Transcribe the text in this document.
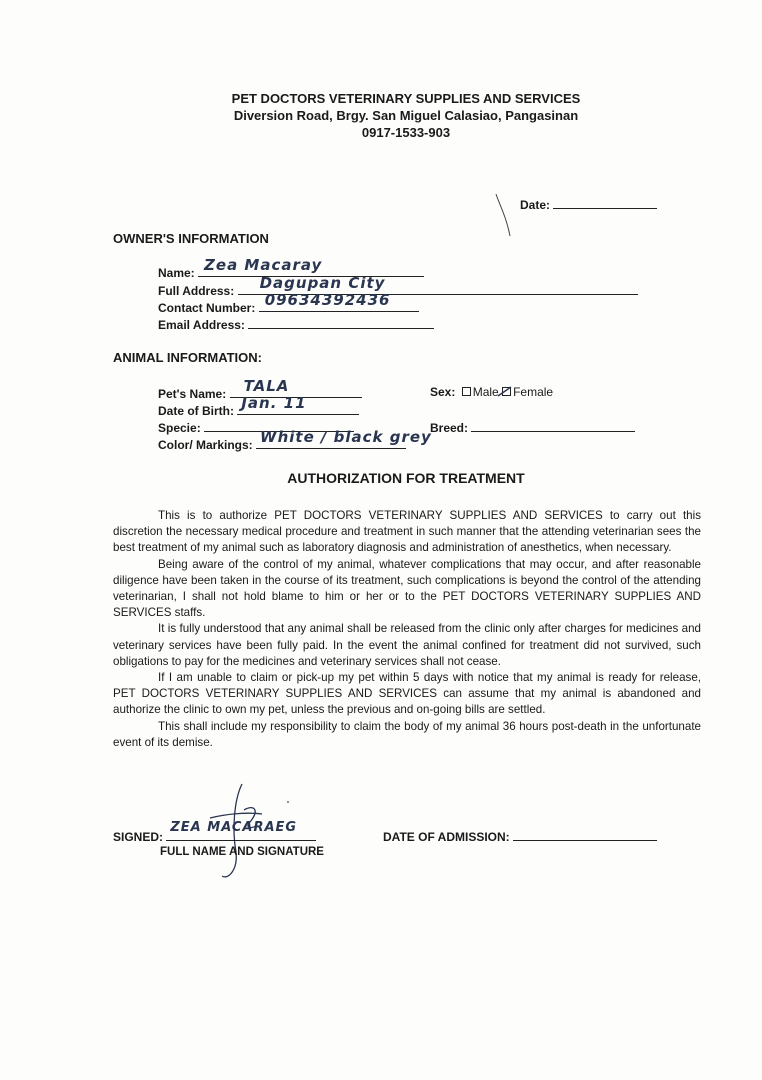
PET DOCTORS VETERINARY SUPPLIES AND SERVICES
Diversion Road, Brgy. San Miguel Calasiao, Pangasinan
0917-1533-903
Date:
OWNER'S INFORMATION
Name: Zea Macaray
Full Address: Dagupan City
Contact Number: 09634392436
Email Address:
ANIMAL INFORMATION:
Pet's Name: TALA
Date of Birth: Jan. 11
Specie:
Color/ Markings: White / black grey
Sex: Male Female
Breed:
AUTHORIZATION FOR TREATMENT

This is to authorize PET DOCTORS VETERINARY SUPPLIES AND SERVICES to carry out this discretion the necessary medical procedure and treatment in such manner that the attending veterinarian sees the best treatment of my animal such as laboratory diagnosis and administration of anesthetics, when necessary.

Being aware of the control of my animal, whatever complications that may occur, and after reasonable diligence have been taken in the course of its treatment, such complications is beyond the control of the attending veterinarian, I shall not hold blame to him or her or to the PET DOCTORS VETERINARY SUPPLIES AND SERVICES staffs.

It is fully understood that any animal shall be released from the clinic only after charges for medicines and veterinary services have been fully paid. In the event the animal confined for treatment did not survived, such obligations to pay for the medicines and veterinary services shall not cease.

If I am unable to claim or pick-up my pet within 5 days with notice that my animal is ready for release, PET DOCTORS VETERINARY SUPPLIES AND SERVICES can assume that my animal is abandoned and authorize the clinic to own my pet, unless the previous and on-going bills are settled.

This shall include my responsibility to claim the body of my animal 36 hours post-death in the unfortunate event of its demise.

SIGNED:
ZEA MACARAEG
FULL NAME AND SIGNATURE
DATE OF ADMISSION:
